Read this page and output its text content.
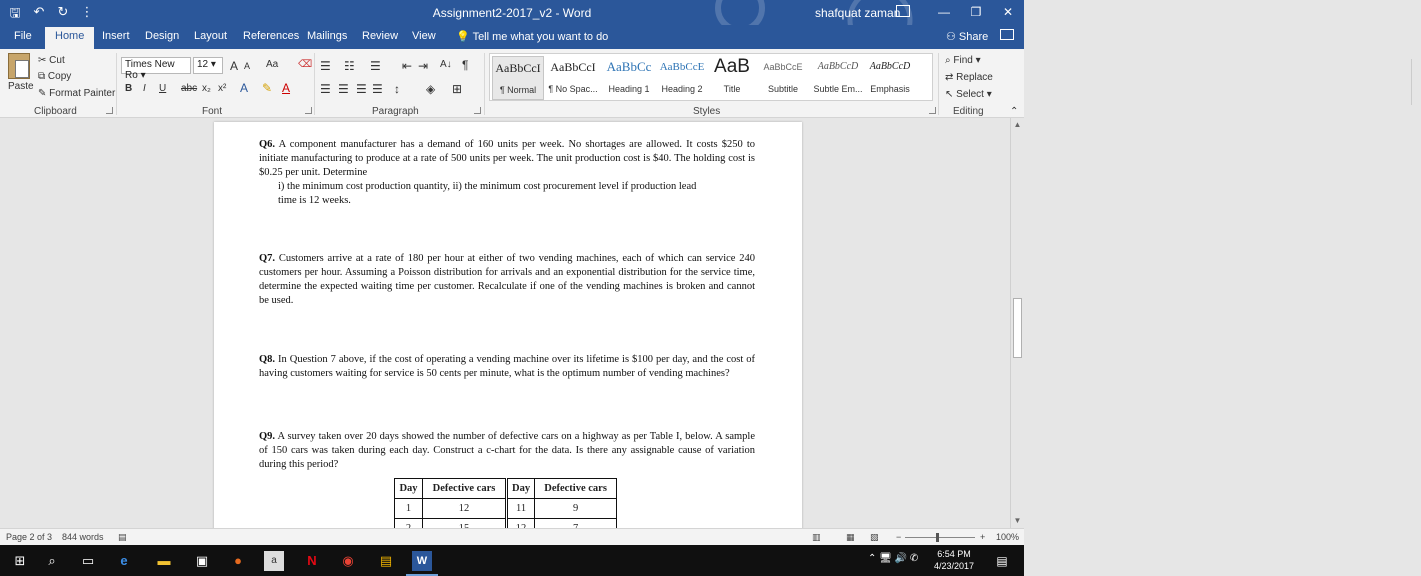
🖫 ↶ ↻ ⋮	Assignment2-2017_v2 - Word	shafquat zaman	—	❐	✕
File	Home	Insert Design Layout References Mailings Review View 💡 Tell me what you want to do	⚇ Share
Paste
✂ Cut
⧉ Copy
✎ Format Painter
Clipboard
Times New Ro ▾
12 ▾	A A Aa ⌫
B I U abc x₂ x² A ✎ A
Font
☰ ☷ ☰ ⇤ ⇥ A↓ ¶
☰ ☰ ☰ ☰ ↕ ◈ ⊞
Paragraph
AaBbCcI
¶ Normal
AaBbCcI
¶ No Spac...
AaBbCc
Heading 1
AaBbCcE
Heading 2
AaB
Title
AaBbCcE
Subtitle
AaBbCcD
Subtle Em...
AaBbCcD
Emphasis
Styles
⌕ Find ▾
⇄ Replace
↖ Select ▾
Editing	⌃

Q6. A component manufacturer has a demand of 160 units per week. No shortages are allowed. It costs $250 to initiate manufacturing to produce at a rate of 500 units per week. The unit production cost is $40. The holding cost is $0.25 per unit. Determine

i) the minimum cost production quantity, ii) the minimum cost procurement level if production lead time is 12 weeks.

Q7. Customers arrive at a rate of 180 per hour at either of two vending machines, each of which can service 240 customers per hour. Assuming a Poisson distribution for arrivals and an exponential distribution for the service time, determine the expected waiting time per customer. Recalculate if one of the vending machines is broken and cannot be used.

Q8. In Question 7 above, if the cost of operating a vending machine over its lifetime is $100 per day, and the cost of having customers waiting for service is 50 cents per minute, what is the optimum number of vending machines?

Q9. A survey taken over 20 days showed the number of defective cars on a highway as per Table I, below. A sample of 150 cars was taken during each day. Construct a c-chart for the data. Is there any assignable cause of variation during this period?

Day	Defective cars	Day	Defective cars
1	12	11	9

▲
▼
Page 2 of 3 844 words ▤	▥	▦ ▧ −	+ 100%
⊞	⌕	▭	e	▬ ▣	●	a	N	◉	▤	W	⌃ 🖥 🔊 ✆	6:54 PM
4/23/2017	▤
